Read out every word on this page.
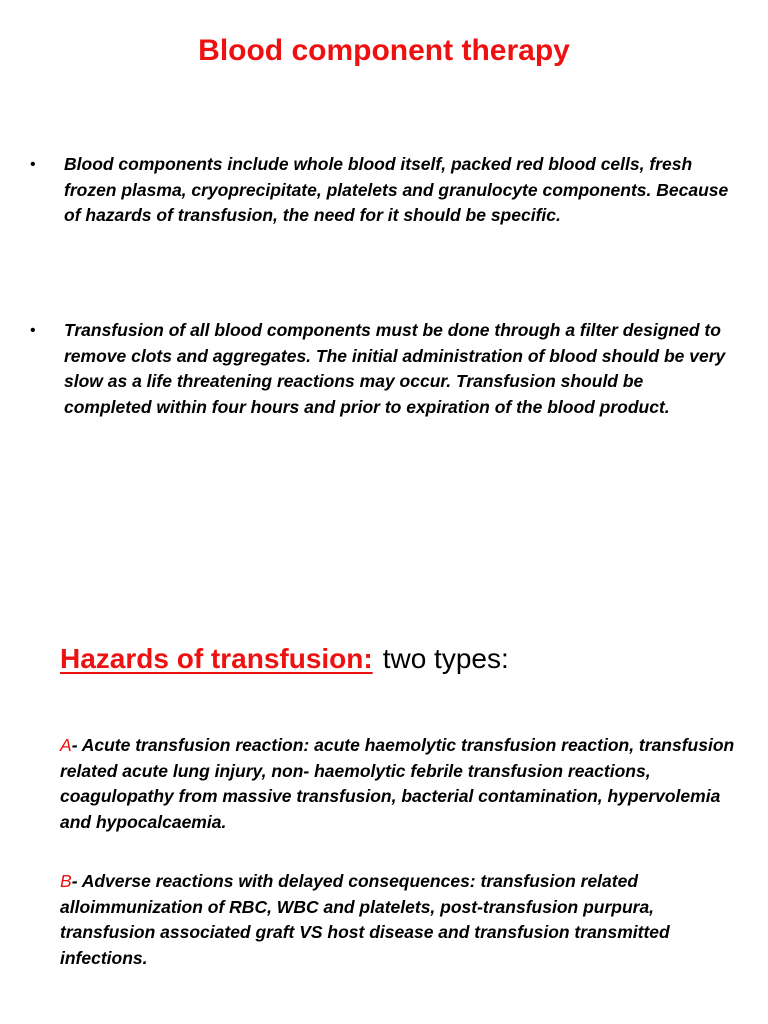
Blood component therapy
• Blood components include whole blood itself, packed red blood cells, fresh frozen plasma, cryoprecipitate, platelets and granulocyte components. Because of hazards of transfusion, the need for it should be specific.
• Transfusion of all blood components must be done through a filter designed to remove clots and aggregates. The initial administration of blood should be very slow as a life threatening reactions may occur. Transfusion should be completed within four hours and prior to expiration of the blood product.
Hazards of transfusion: two types:
A- Acute transfusion reaction: acute haemolytic transfusion reaction, transfusion related acute lung injury, non- haemolytic febrile transfusion reactions, coagulopathy from massive transfusion, bacterial contamination, hypervolemia and hypocalcaemia.
B- Adverse reactions with delayed consequences: transfusion related alloimmunization of RBC, WBC and platelets, post-transfusion purpura, transfusion associated graft VS host disease and transfusion transmitted infections.
